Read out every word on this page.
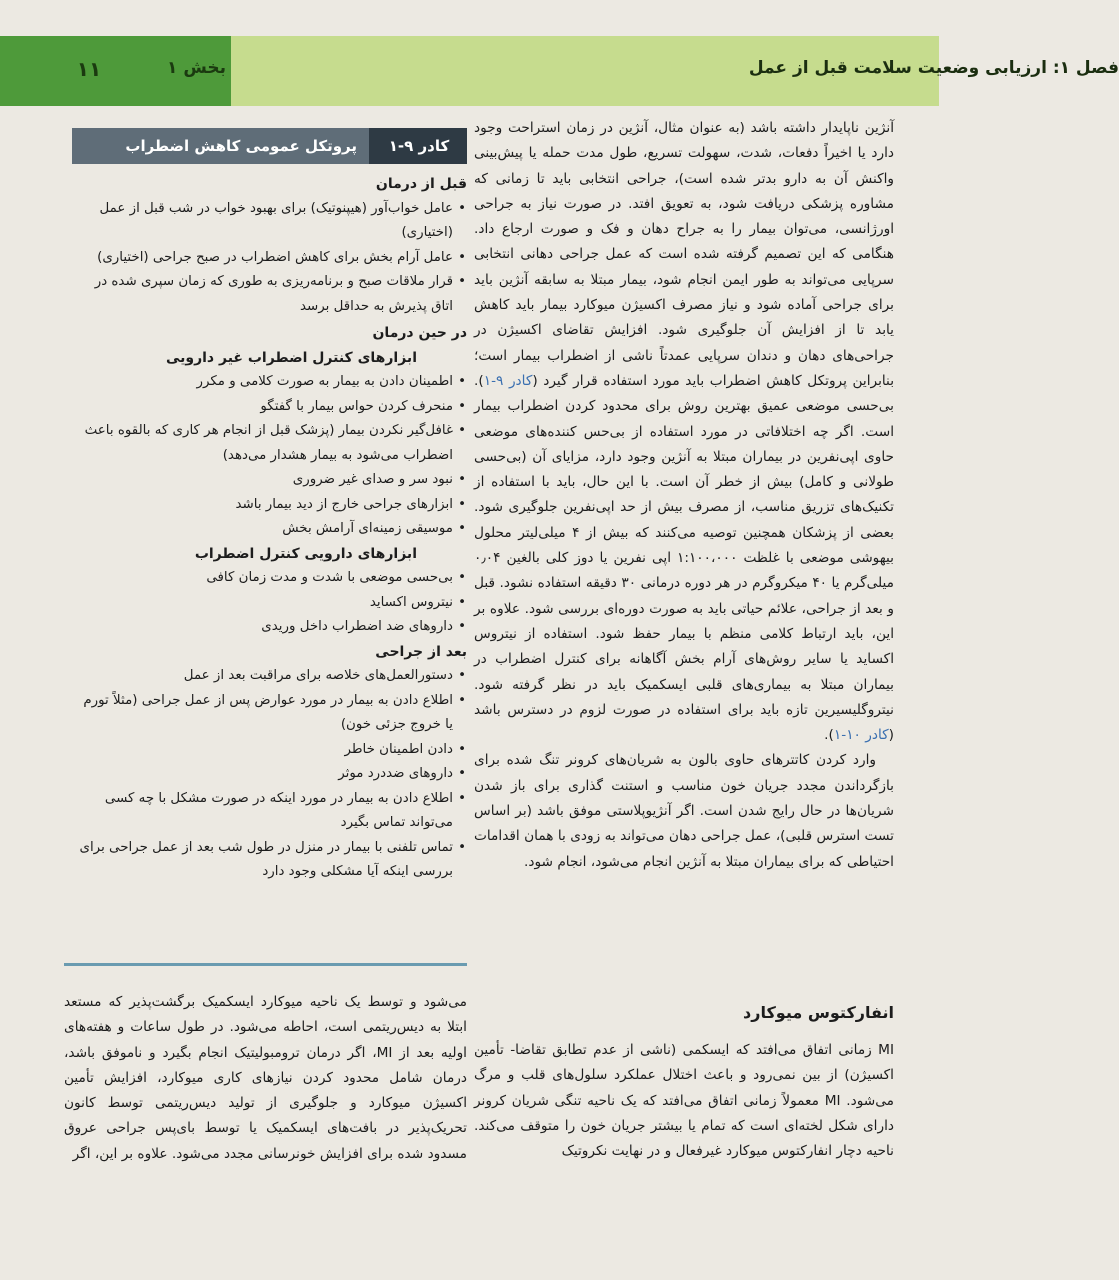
۱۱	بخش ۱	فصل ۱: ارزیابی وضعیت سلامت قبل از عمل

آنژین ناپایدار داشته باشد (به عنوان مثال، آنژین در زمان استراحت وجود دارد یا اخیراً دفعات، شدت، سهولت تسریع، طول مدت حمله یا پیش‌بینی واکنش آن به دارو بدتر شده است)، جراحی انتخابی باید تا زمانی که مشاوره پزشکی دریافت شود، به تعویق افتد. در صورت نیاز به جراحی اورژانسی، می‌توان بیمار را به جراح دهان و فک و صورت ارجاع داد. هنگامی که این تصمیم گرفته شده است که عمل جراحی دهانی انتخابی سرپایی می‌تواند به طور ایمن انجام شود، بیمار مبتلا به سابقه آنژین باید برای جراحی آماده شود و نیاز مصرف اکسیژن میوکارد بیمار باید کاهش یابد تا از افزایش آن جلوگیری شود. افزایش تقاضای اکسیژن در جراحی‌های دهان و دندان سرپایی عمدتاً ناشی از اضطراب بیمار است؛ بنابراین پروتکل کاهش اضطراب باید مورد استفاده قرار گیرد (کادر ۹-۱). بی‌حسی موضعی عمیق بهترین روش برای محدود کردن اضطراب بیمار است. اگر چه اختلافاتی در مورد استفاده از بی‌حس کننده‌های موضعی حاوی اپی‌نفرین در بیماران مبتلا به آنژین وجود دارد، مزایای آن (بی‌حسی طولانی و کامل) بیش از خطر آن است. با این حال، باید با استفاده از تکنیک‌های تزریق مناسب، از مصرف بیش از حد اپی‌نفرین جلوگیری شود. بعضی از پزشکان همچنین توصیه می‌کنند که بیش از ۴ میلی‌لیتر محلول بیهوشی موضعی با غلظت ۱:۱۰۰،۰۰۰ اپی نفرین یا دوز کلی بالغین ۰٫۰۴ میلی‌گرم یا ۴۰ میکروگرم در هر دوره درمانی ۳۰ دقیقه استفاده نشود. قبل و بعد از جراحی، علائم حیاتی باید به صورت دوره‌ای بررسی شود. علاوه بر این، باید ارتباط کلامی منظم با بیمار حفظ شود. استفاده از نیتروس اکساید یا سایر روش‌های آرام بخش آگاهانه برای کنترل اضطراب در بیماران مبتلا به بیماری‌های قلبی ایسکمیک باید در نظر گرفته شود. نیتروگلیسیرین تازه باید برای استفاده در صورت لزوم در دسترس باشد (کادر ۱۰-۱).

وارد کردن کاتترهای حاوی بالون به شریان‌های کرونر تنگ شده برای بازگرداندن مجدد جریان خون مناسب و استنت گذاری برای باز شدن شریان‌ها در حال رایج شدن است. اگر آنژیوپلاستی موفق باشد (بر اساس تست استرس قلبی)، عمل جراحی دهان می‌تواند به زودی با همان اقدامات احتیاطی که برای بیماران مبتلا به آنژین انجام می‌شود، انجام شود.

انفارکتوس میوکارد

MI زمانی اتفاق می‌افتد که ایسکمی (ناشی از عدم تطابق تقاضا- تأمین اکسیژن) از بین نمی‌رود و باعث اختلال عملکرد سلول‌های قلب و مرگ می‌شود. MI معمولاً زمانی اتفاق می‌افتد که یک ناحیه تنگی شریان کرونر دارای شکل لخته‌ای است که تمام یا بیشتر جریان خون را متوقف می‌کند. ناحیه دچار انفارکتوس میوکارد غیرفعال و در نهایت نکروتیک

پروتکل عمومی کاهش اضطراب	کادر ۹-۱
قبل از درمان
• عامل خواب‌آور (هیپنوتیک) برای بهبود خواب در شب قبل از عمل (اختیاری)
• عامل آرام بخش برای کاهش اضطراب در صبح جراحی (اختیاری)
• قرار ملاقات صبح و برنامه‌ریزی به طوری که زمان سپری شده در اتاق پذیرش به حداقل برسد
در حین درمان
ابزارهای کنترل اضطراب غیر دارویی
• اطمینان دادن به بیمار به صورت کلامی و مکرر
• منحرف کردن حواس بیمار با گفتگو
• غافل‌گیر نکردن بیمار (پزشک قبل از انجام هر کاری که بالقوه باعث اضطراب می‌شود به بیمار هشدار می‌دهد)
• نبود سر و صدای غیر ضروری
• ابزارهای جراحی خارج از دید بیمار باشد
• موسیقی زمینه‌ای آرامش بخش
ابزارهای دارویی کنترل اضطراب
• بی‌حسی موضعی با شدت و مدت زمان کافی
• نیتروس اکساید
• داروهای ضد اضطراب داخل وریدی
بعد از جراحی
• دستورالعمل‌های خلاصه برای مراقبت بعد از عمل
• اطلاع دادن به بیمار در مورد عوارض پس از عمل جراحی (مثلاً تورم یا خروج جزئی خون)
• دادن اطمینان خاطر
• داروهای ضددرد موثر
• اطلاع دادن به بیمار در مورد اینکه در صورت مشکل با چه کسی می‌تواند تماس بگیرد
• تماس تلفنی با بیمار در منزل در طول شب بعد از عمل جراحی برای بررسی اینکه آیا مشکلی وجود دارد

می‌شود و توسط یک ناحیه میوکارد ایسکمیک برگشت‌پذیر که مستعد ابتلا به دیس‌ریتمی است، احاطه می‌شود. در طول ساعات و هفته‌های اولیه بعد از MI، اگر درمان ترومبولیتیک انجام بگیرد و ناموفق باشد، درمان شامل محدود کردن نیازهای کاری میوکارد، افزایش تأمین اکسیژن میوکارد و جلوگیری از تولید دیس‌ریتمی توسط کانون تحریک‌پذیر در بافت‌های ایسکمیک یا توسط بای‌پس جراحی عروق مسدود شده برای افزایش خونرسانی مجدد می‌شود. علاوه بر این، اگر
